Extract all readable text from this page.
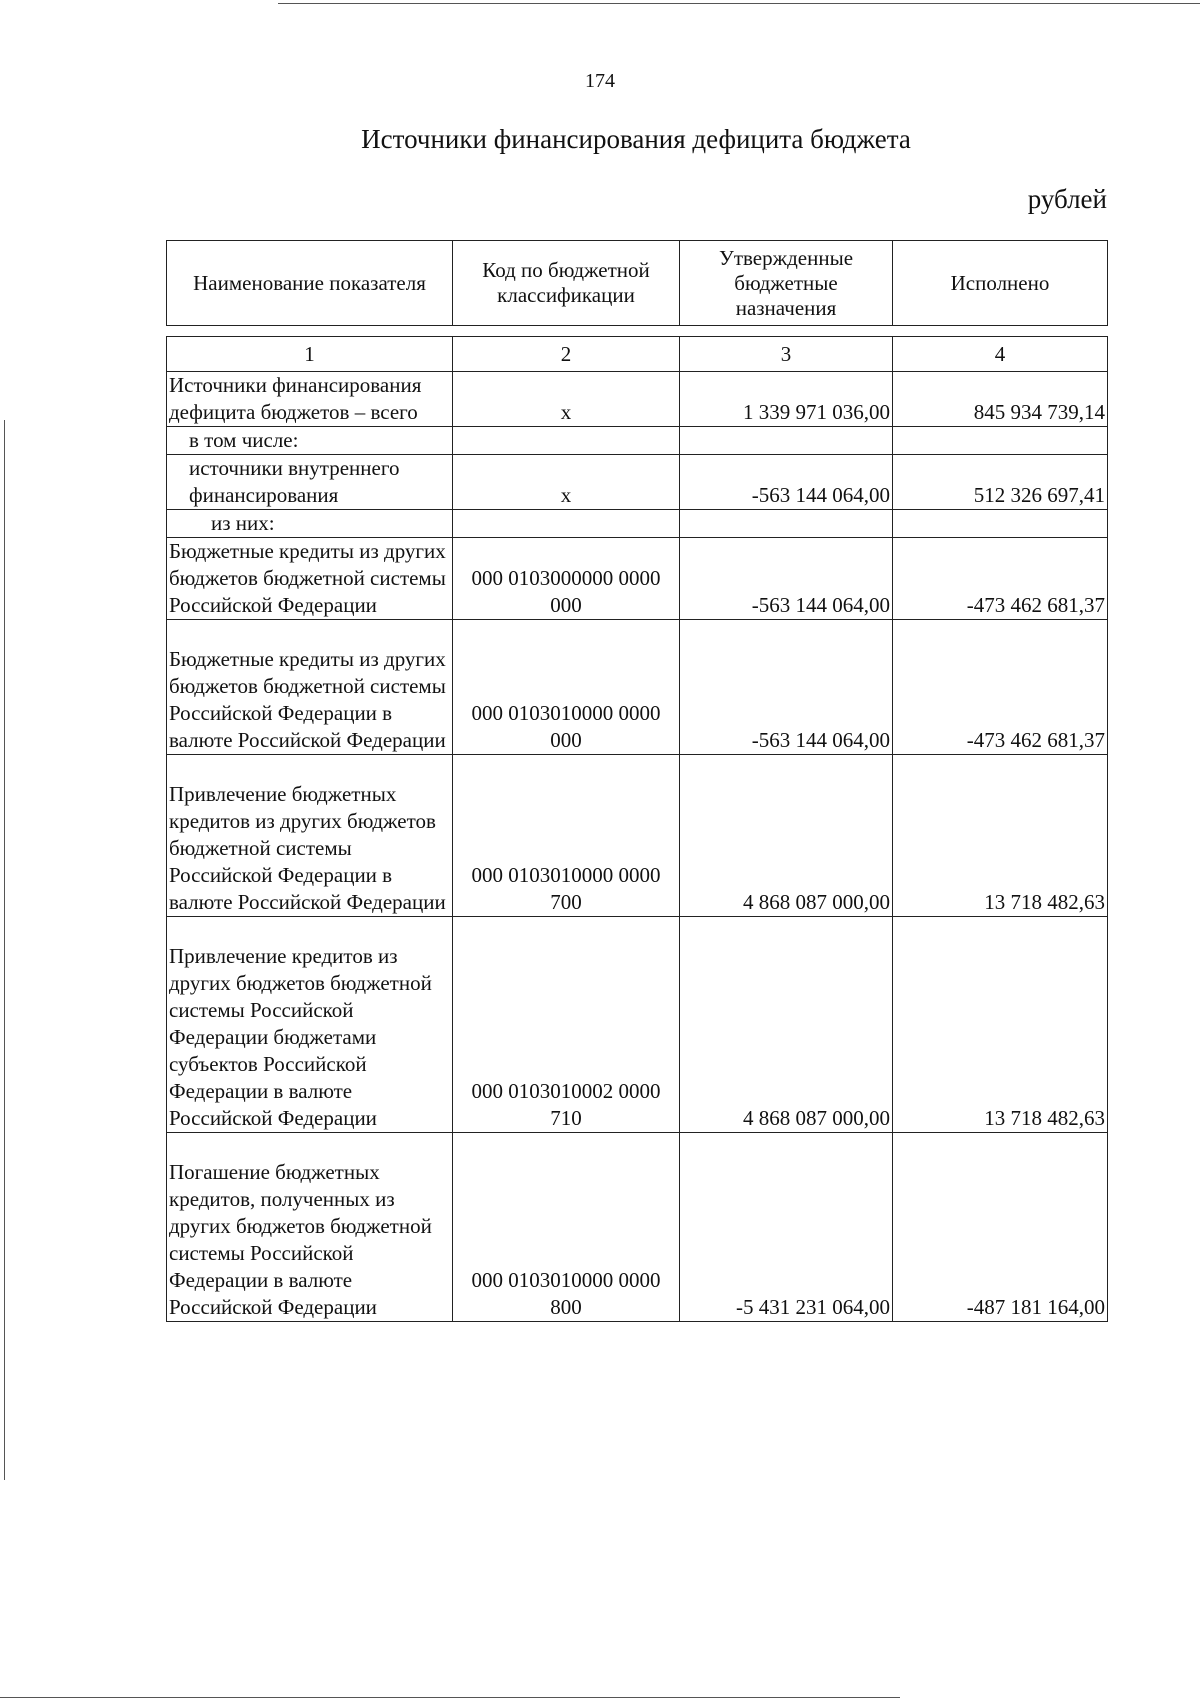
174
Источники финансирования дефицита бюджета
рублей
Наименование показателя	Код по бюджетной классификации	Утвержденные бюджетные назначения	Исполнено
1	2	3	4
Источники финансирования дефицита бюджетов – всего	x	1 339 971 036,00	845 934 739,14
в том числе:			
источники внутреннего финансирования	x	-563 144 064,00	512 326 697,41
из них:			
Бюджетные кредиты из других бюджетов бюджетной системы Российской Федерации	000 0103000000 0000 000	-563 144 064,00	-473 462 681,37
Бюджетные кредиты из других бюджетов бюджетной системы Российской Федерации в валюте Российской Федерации	000 0103010000 0000 000	-563 144 064,00	-473 462 681,37
Привлечение бюджетных кредитов из других бюджетов бюджетной системы Российской Федерации в валюте Российской Федерации	000 0103010000 0000 700	4 868 087 000,00	13 718 482,63
Привлечение кредитов из других бюджетов бюджетной системы Российской Федерации бюджетами субъектов Российской Федерации в валюте Российской Федерации	000 0103010002 0000 710	4 868 087 000,00	13 718 482,63
Погашение бюджетных кредитов, полученных из других бюджетов бюджетной системы Российской Федерации в валюте Российской Федерации	000 0103010000 0000 800	-5 431 231 064,00	-487 181 164,00
